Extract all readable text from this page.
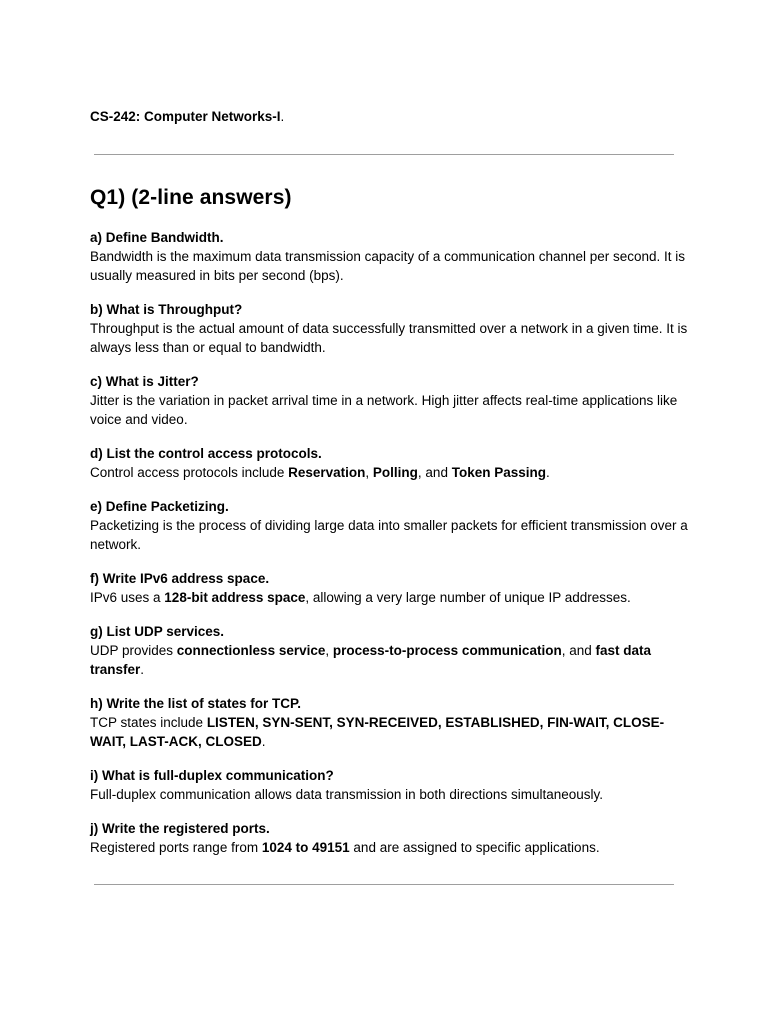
CS-242: Computer Networks-I.
Q1) (2-line answers)
a) Define Bandwidth.
Bandwidth is the maximum data transmission capacity of a communication channel per second. It is usually measured in bits per second (bps).
b) What is Throughput?
Throughput is the actual amount of data successfully transmitted over a network in a given time. It is always less than or equal to bandwidth.
c) What is Jitter?
Jitter is the variation in packet arrival time in a network. High jitter affects real-time applications like voice and video.
d) List the control access protocols.
Control access protocols include Reservation, Polling, and Token Passing.
e) Define Packetizing.
Packetizing is the process of dividing large data into smaller packets for efficient transmission over a network.
f) Write IPv6 address space.
IPv6 uses a 128-bit address space, allowing a very large number of unique IP addresses.
g) List UDP services.
UDP provides connectionless service, process-to-process communication, and fast data transfer.
h) Write the list of states for TCP.
TCP states include LISTEN, SYN-SENT, SYN-RECEIVED, ESTABLISHED, FIN-WAIT, CLOSE-WAIT, LAST-ACK, CLOSED.
i) What is full-duplex communication?
Full-duplex communication allows data transmission in both directions simultaneously.
j) Write the registered ports.
Registered ports range from 1024 to 49151 and are assigned to specific applications.
